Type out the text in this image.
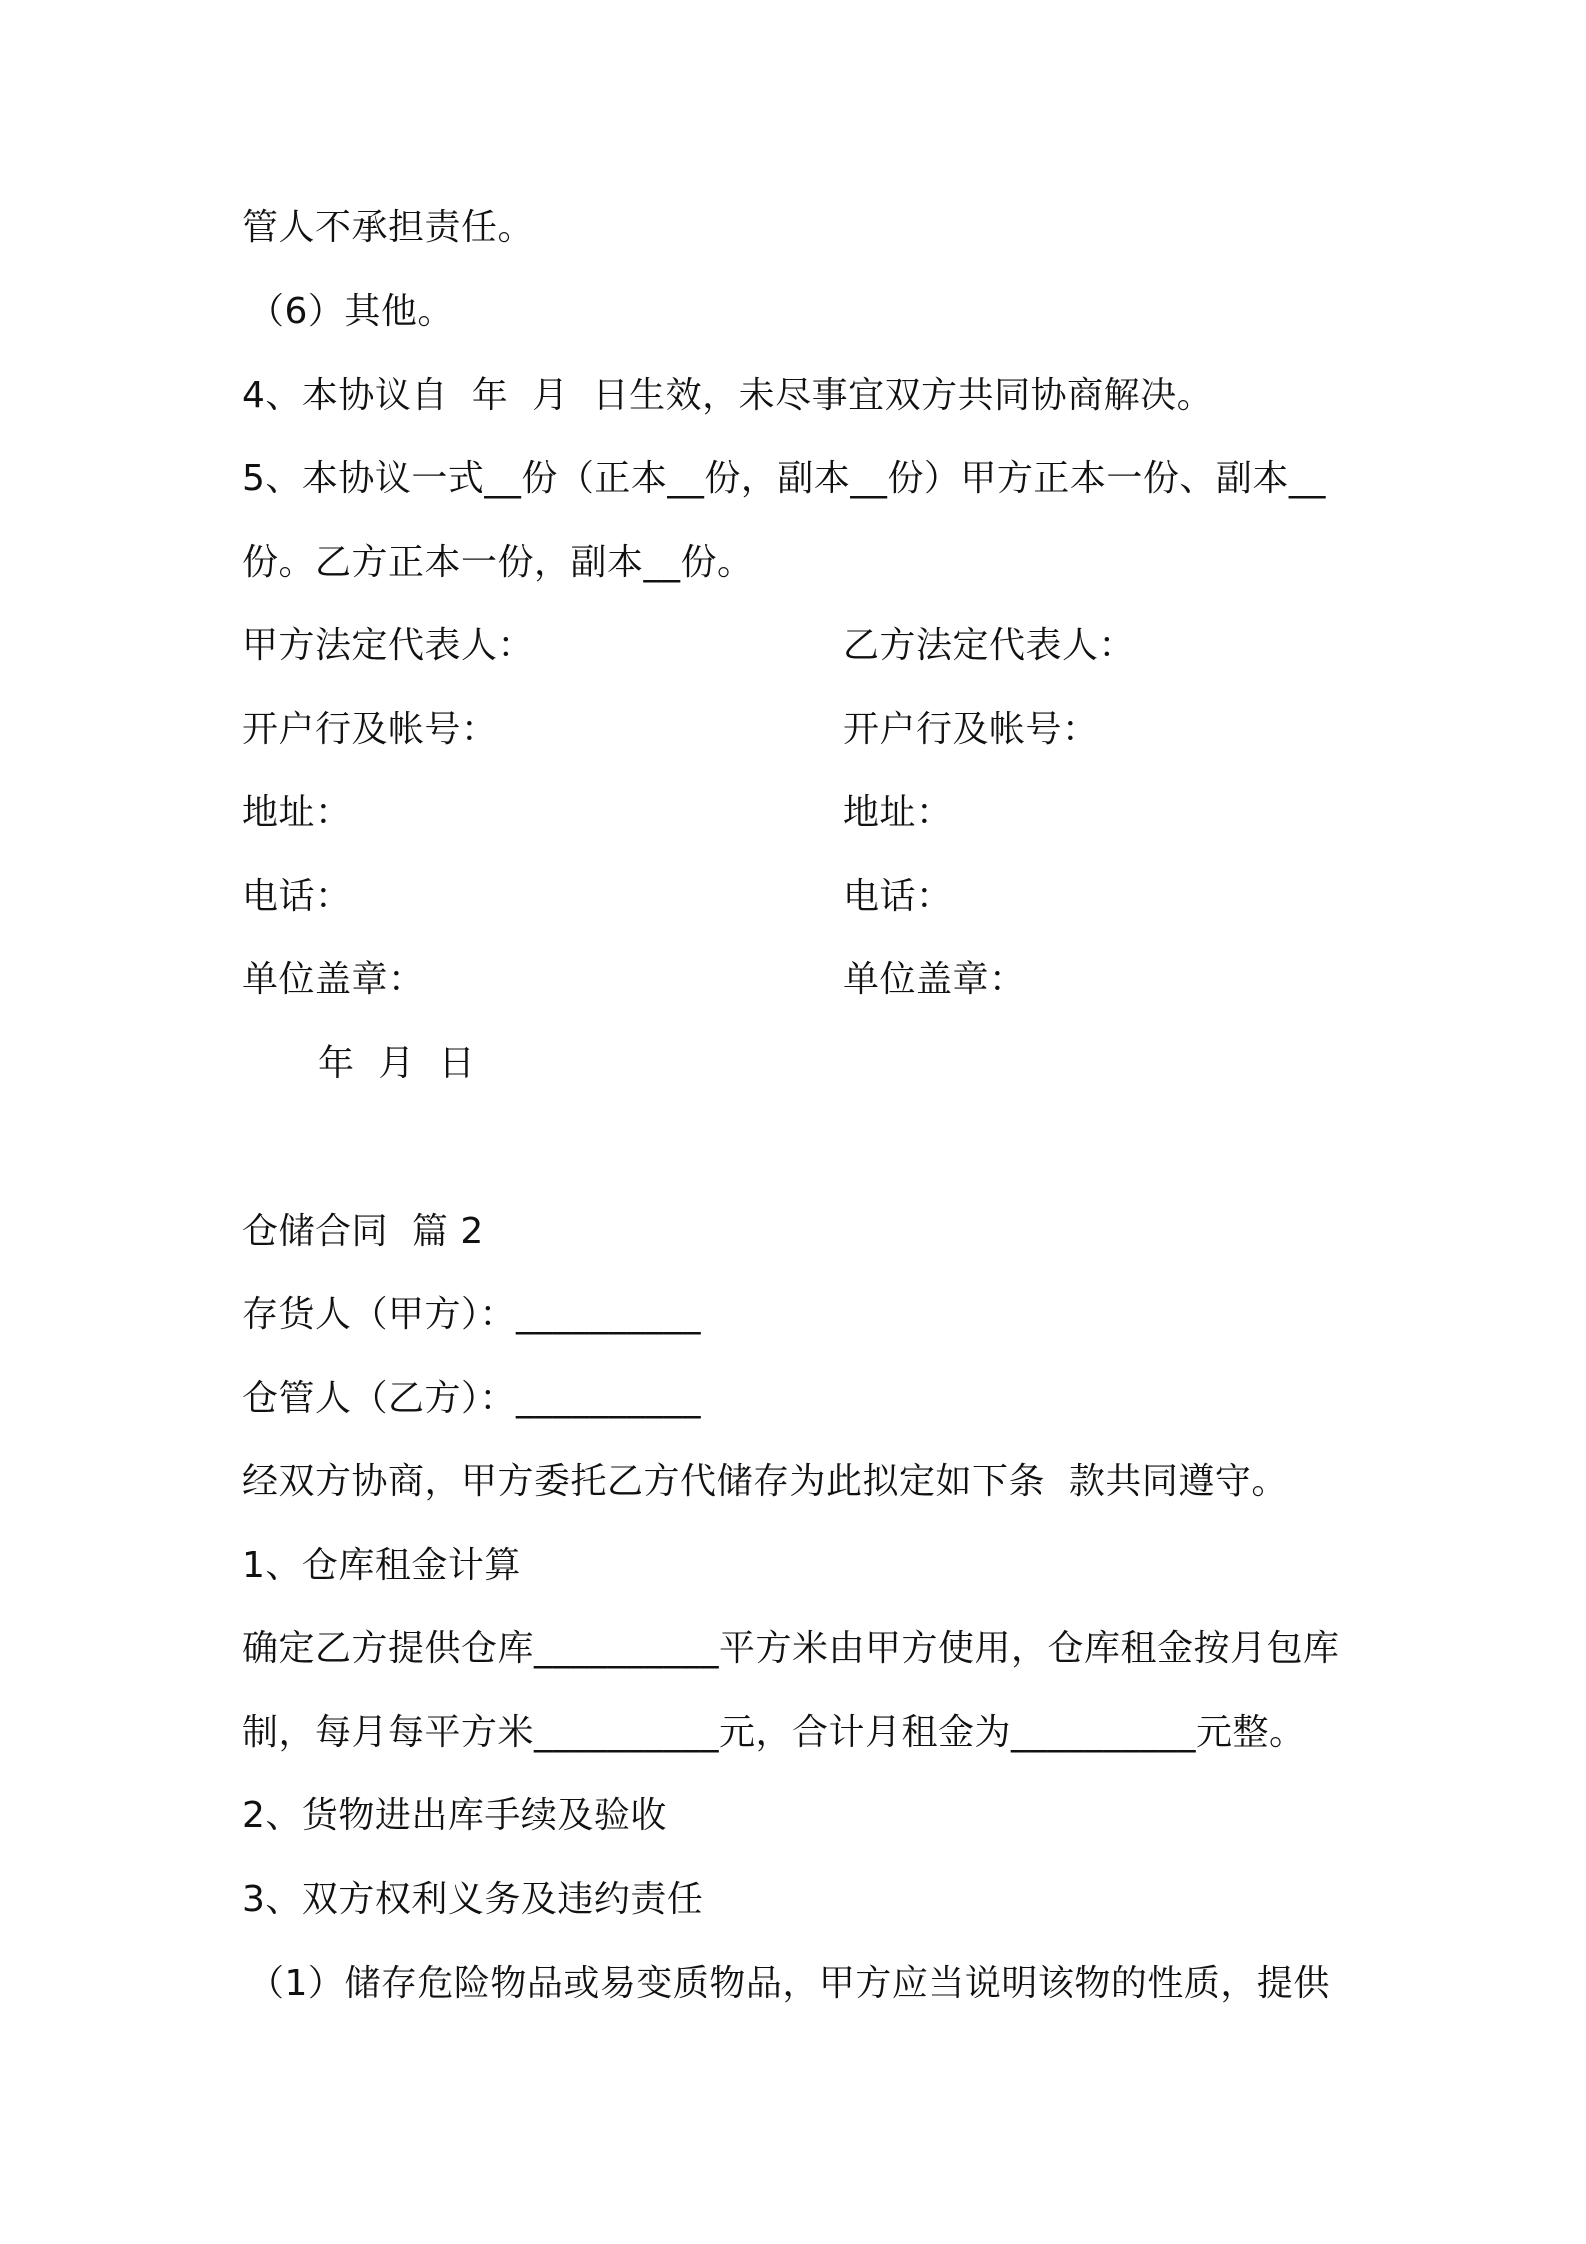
管人不承担责任。
（6）其他。
4、本协议自  年  月  日生效，未尽事宜双方共同协商解决。
5、本协议一式__份（正本__份，副本__份）甲方正本一份、副本__
份。乙方正本一份，副本__份。
甲方法定代表人：	乙方法定代表人：
开户行及帐号：	开户行及帐号：
地址：	地址：
电话：	电话：
单位盖章：	单位盖章：
年  月  日
仓储合同  篇 2
存货人（甲方）：__________
仓管人（乙方）：__________
经双方协商，甲方委托乙方代储存为此拟定如下条  款共同遵守。
1、仓库租金计算
确定乙方提供仓库__________平方米由甲方使用，仓库租金按月包库
制，每月每平方米__________元，合计月租金为__________元整。
2、货物进出库手续及验收
3、双方权利义务及违约责任
（1）储存危险物品或易变质物品，甲方应当说明该物的性质，提供
